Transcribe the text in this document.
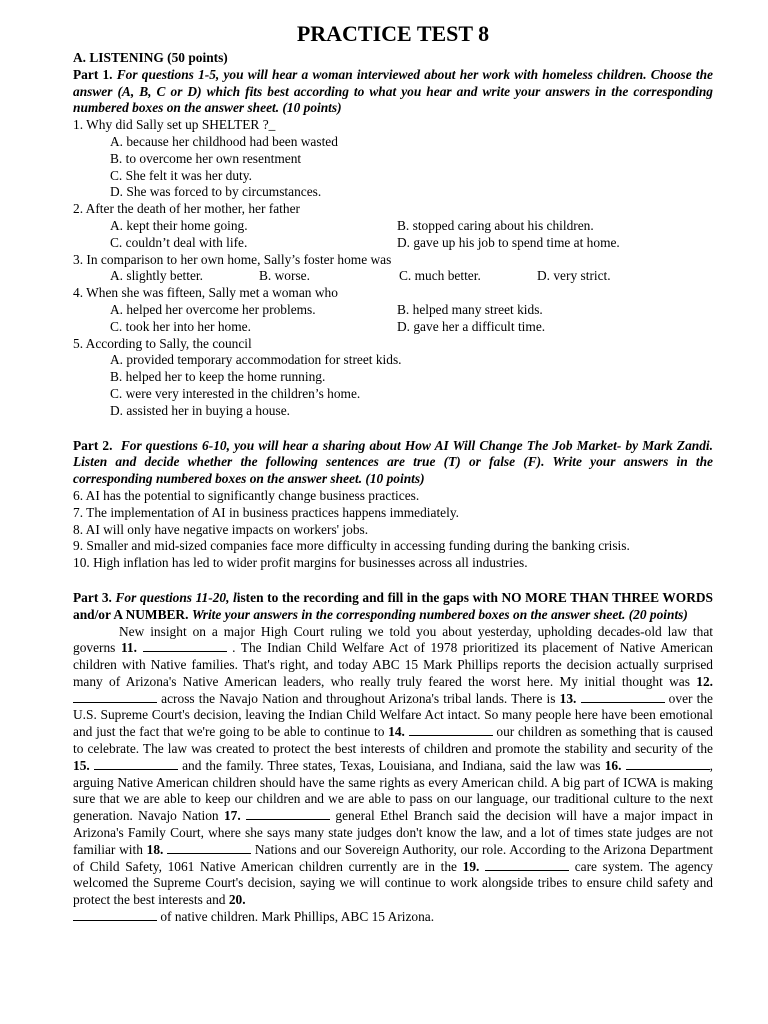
PRACTICE TEST 8
A. LISTENING (50 points)
Part 1. For questions 1-5, you will hear a woman interviewed about her work with homeless children. Choose the answer (A, B, C or D) which fits best according to what you hear and write your answers in the corresponding numbered boxes on the answer sheet. (10 points)
1. Why did Sally set up SHELTER ?_
A. because her childhood had been wasted
B. to overcome her own resentment
C. She felt it was her duty.
D. She was forced to by circumstances.
2. After the death of her mother, her father
A. kept their home going.	B. stopped caring about his children.
C. couldn’t deal with life.	D. gave up his job to spend time at home.
3. In comparison to her own home, Sally’s foster home was
A. slightly better.	B. worse.	C. much better.	D. very strict.
4. When she was fifteen, Sally met a woman who
A. helped her overcome her problems.	B. helped many street kids.
C. took her into her home.	D. gave her a difficult time.
5. According to Sally, the council
A. provided temporary accommodation for street kids.
B. helped her to keep the home running.
C. were very interested in the children’s home.
D. assisted her in buying a house.
Part 2. For questions 6-10, you will hear a sharing about How AI Will Change The Job Market- by Mark Zandi. Listen and decide whether the following sentences are true (T) or false (F). Write your answers in the corresponding numbered boxes on the answer sheet. (10 points)
6. AI has the potential to significantly change business practices.
7. The implementation of AI in business practices happens immediately.
8. AI will only have negative impacts on workers' jobs.
9. Smaller and mid-sized companies face more difficulty in accessing funding during the banking crisis.
10. High inflation has led to wider profit margins for businesses across all industries.
Part 3. For questions 11-20, listen to the recording and fill in the gaps with NO MORE THAN THREE WORDS and/or A NUMBER. Write your answers in the corresponding numbered boxes on the answer sheet. (20 points)
New insight on a major High Court ruling we told you about yesterday, upholding decades-old law that governs 11.	. The Indian Child Welfare Act of 1978 prioritized its placement of Native American children with Native families. That's right, and today ABC 15 Mark Phillips reports the decision actually surprised many of Arizona's Native American leaders, who really truly feared the worst here. My initial thought was 12.  across the Navajo Nation and throughout Arizona's tribal lands. There is 13.	over the U.S. Supreme Court's decision, leaving the Indian Child Welfare Act intact. So many people here have been emotional and just the fact that we're going to be able to continue to 14.	our children as something that is caused to celebrate. The law was created to protect the best interests of children and promote the stability and security of the 15.	and the family. Three states, Texas, Louisiana, and Indiana, said the law was 16.	, arguing Native American children should have the same rights as every American child. A big part of ICWA is making sure that we are able to keep our children and we are able to pass on our language, our traditional culture to the next generation. Navajo Nation 17.	general Ethel Branch said the decision will have a major impact in Arizona's Family Court, where she says many state judges don't know the law, and a lot of times state judges are not familiar with 18.	Nations and our Sovereign Authority, our role. According to the Arizona Department of Child Safety, 1061 Native American children currently are in the 19.	care system. The agency welcomed the Supreme Court's decision, saying we will continue to work alongside tribes to ensure child safety and protect the best interests and 20.
of native children. Mark Phillips, ABC 15 Arizona.
